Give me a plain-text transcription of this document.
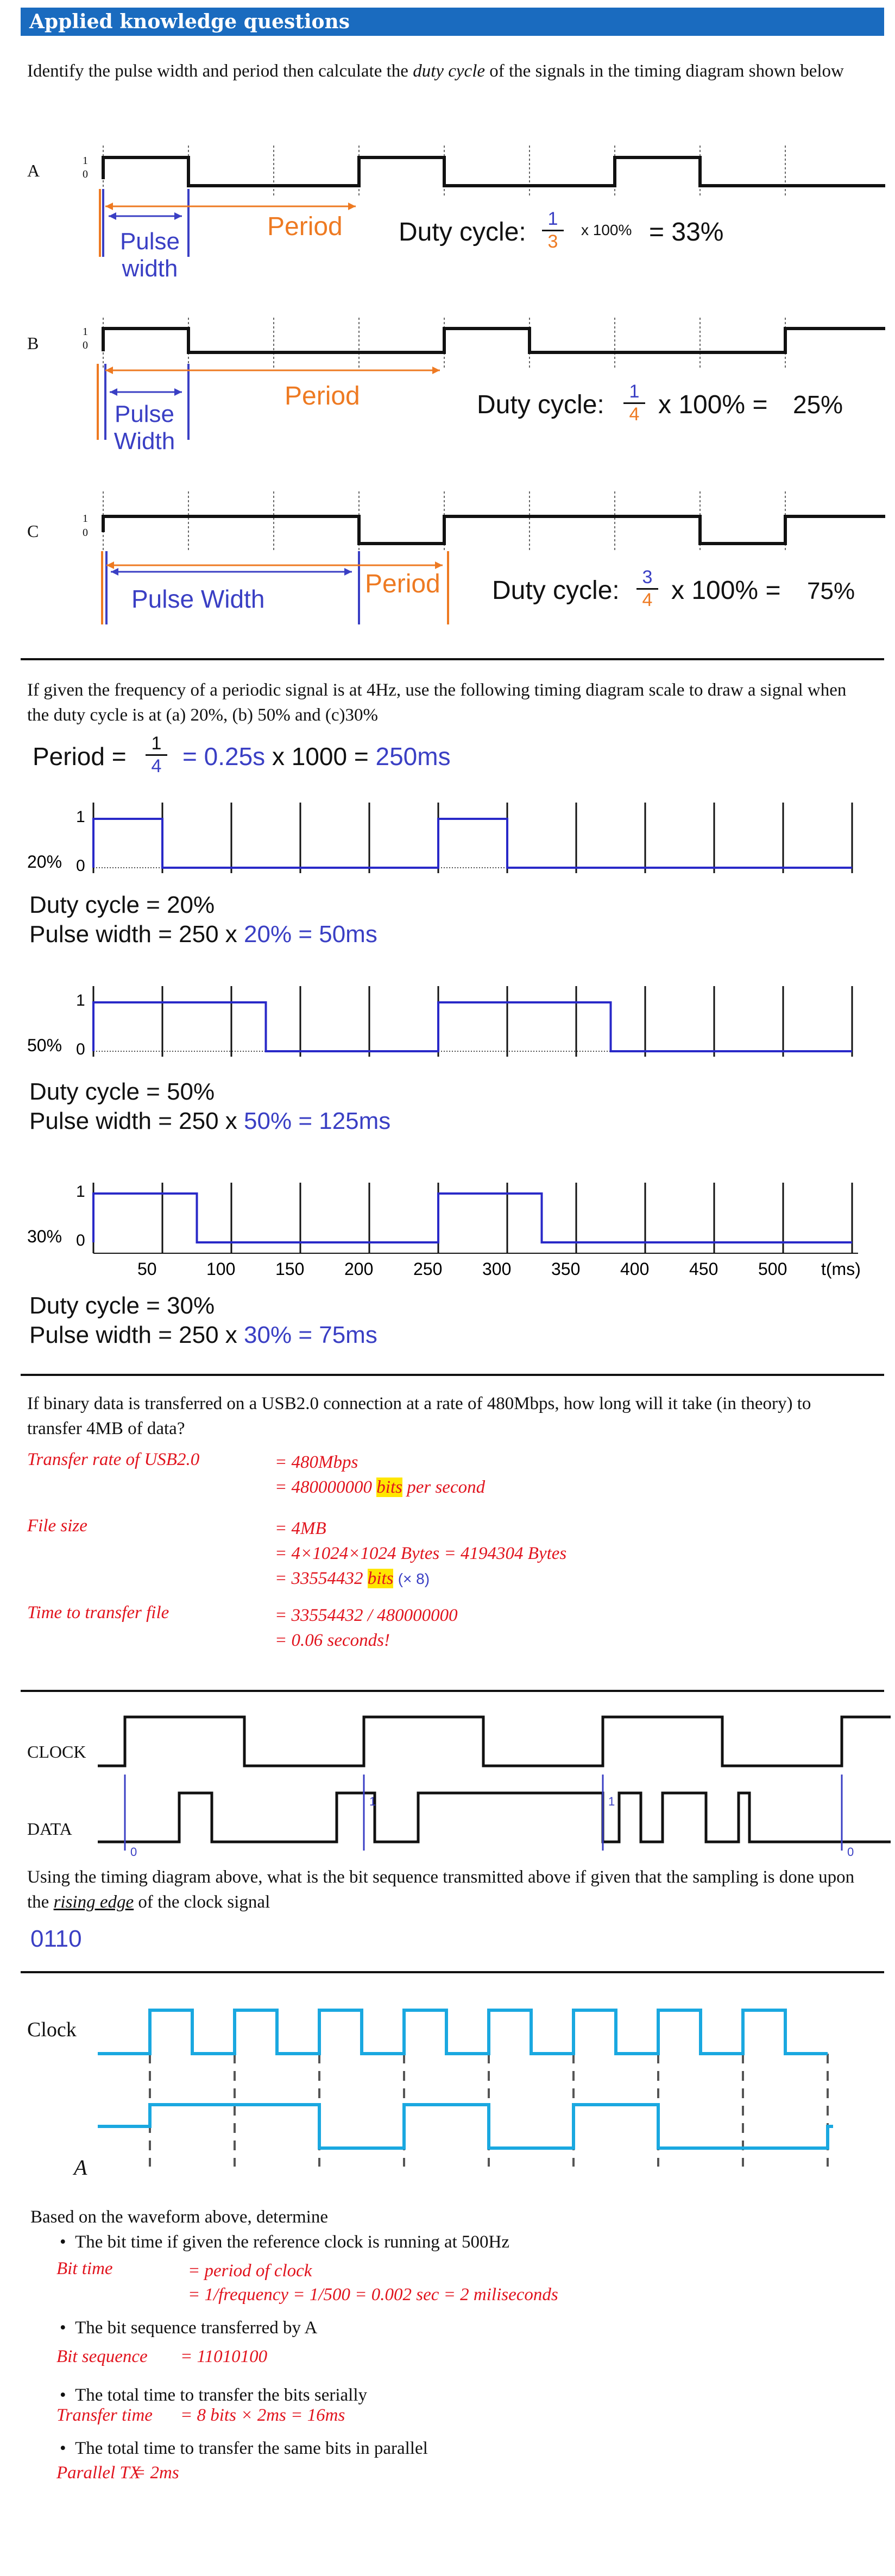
Applied knowledge questions
Identify the pulse width and period then calculate the duty cycle of the signals in the timing diagram shown below
A	1
0
Pulse width
Period Duty cycle:	1
3
x 100% = 33%
B
1
0
Pulse Width
Period	Duty cycle:	1
4 x 100% = 25%
C
1
0
Pulse Width
Period Duty cycle:	3
4 x 100% = 75%
If given the frequency of a periodic signal is at 4Hz, use the following timing diagram scale to draw a signal when the duty cycle is at (a) 20%, (b) 50% and (c)30%
Period =	1
4 = 0.25s x 1000 = 250ms
1
0
20%
Duty cycle = 20%
Pulse width = 250 x 20% = 50ms
1
0
50%
Duty cycle = 50%
Pulse width = 250 x 50% = 125ms
1
0
30%
50	100 150 200 250 300 350 400 450 500 t(ms)
Duty cycle = 30%
Pulse width = 250 x 30% = 75ms
If binary data is transferred on a USB2.0 connection at a rate of 480Mbps, how long will it take (in theory) to transfer 4MB of data?
Transfer rate of USB2.0	= 480Mbps
= 480000000 bits per second
File size	= 4MB
= 4×1024×1024 Bytes = 4194304 Bytes
= 33554432 bits (× 8)
Time to transfer file	= 33554432 / 480000000
= 0.06 seconds!
CLOCK
DATA
0
1	1
0
Using the timing diagram above, what is the bit sequence transmitted above if given that the sampling is done upon the rising edge of the clock signal
0110
Clock
A
Based on the waveform above, determine
•  The bit time if given the reference clock is running at 500Hz
Bit time	= period of clock
= 1/frequency = 1/500 = 0.002 sec = 2 miliseconds
•  The bit sequence transferred by A
Bit sequence = 11010100
•  The total time to transfer the bits serially
Transfer time = 8 bits × 2ms = 16ms
•  The total time to transfer the same bits in parallel
Parallel TX
= 2ms
